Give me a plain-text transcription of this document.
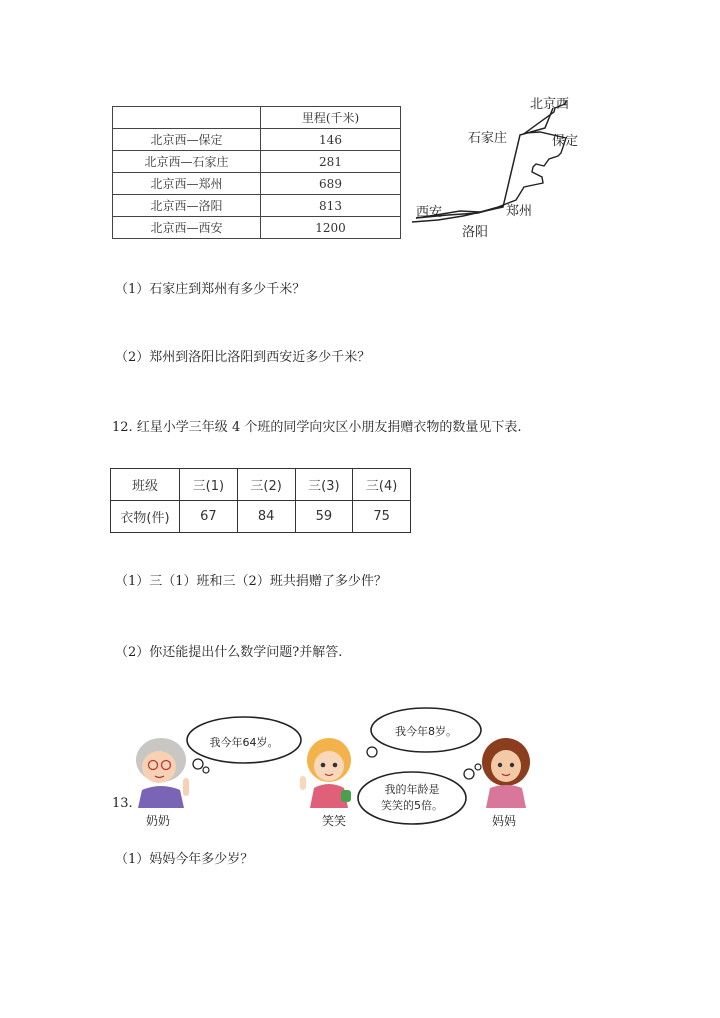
	里程(千米)
北京西—保定	146
北京西—石家庄	281
北京西—郑州	689
北京西—洛阳	813
北京西—西安	1200
北京西
石家庄	保定
西安	郑州
洛阳
（1）石家庄到郑州有多少千米？
（2）郑州到洛阳比洛阳到西安近多少千米？
12. 红星小学三年级 4 个班的同学向灾区小朋友捐赠衣物的数量见下表.
班级	三(1)	三(2)	三(3)	三(4)
衣物(件)	67	84	59	75
（1）三（1）班和三（2）班共捐赠了多少件？
（2）你还能提出什么数学问题?并解答.
13.
我今年64岁。
我今年8岁。
我的年龄是
笑笑的5倍。
奶奶	笑笑	妈妈
（1）妈妈今年多少岁？
